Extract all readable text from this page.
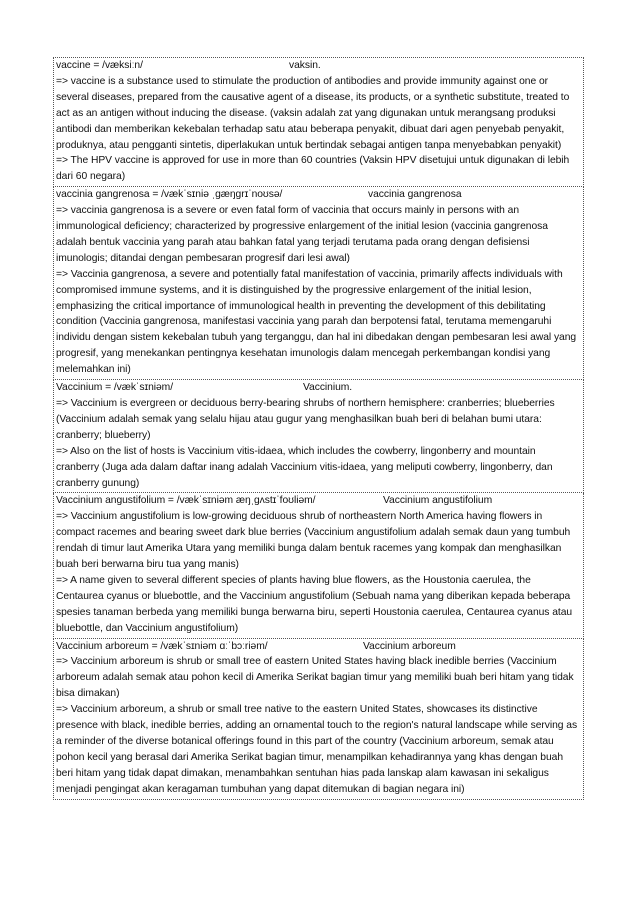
vaccine = /væksiːn/	vaksin.
=> vaccine is a substance used to stimulate the production of antibodies and provide immunity against one or several diseases, prepared from the causative agent of a disease, its products, or a synthetic substitute, treated to act as an antigen without inducing the disease. (vaksin adalah zat yang digunakan untuk merangsang produksi antibodi dan memberikan kekebalan terhadap satu atau beberapa penyakit, dibuat dari agen penyebab penyakit, produknya, atau pengganti sintetis, diperlakukan untuk bertindak sebagai antigen tanpa menyebabkan penyakit)
=> The HPV vaccine is approved for use in more than 60 countries (Vaksin HPV disetujui untuk digunakan di lebih dari 60 negara)
vaccinia gangrenosa = /vækˈsɪniə ˌgæŋgrɪˈnoʊsə/	vaccinia gangrenosa
=> vaccinia gangrenosa is a severe or even fatal form of vaccinia that occurs mainly in persons with an immunological deficiency; characterized by progressive enlargement of the initial lesion (vaccinia gangrenosa adalah bentuk vaccinia yang parah atau bahkan fatal yang terjadi terutama pada orang dengan defisiensi imunologis; ditandai dengan pembesaran progresif dari lesi awal)
=> Vaccinia gangrenosa, a severe and potentially fatal manifestation of vaccinia, primarily affects individuals with compromised immune systems, and it is distinguished by the progressive enlargement of the initial lesion, emphasizing the critical importance of immunological health in preventing the development of this debilitating condition (Vaccinia gangrenosa, manifestasi vaccinia yang parah dan berpotensi fatal, terutama memengaruhi individu dengan sistem kekebalan tubuh yang terganggu, dan hal ini dibedakan dengan pembesaran lesi awal yang progresif, yang menekankan pentingnya kesehatan imunologis dalam mencegah perkembangan kondisi yang melemahkan ini)
Vaccinium = /vækˈsɪniəm/	Vaccinium.
=> Vaccinium is evergreen or deciduous berry-bearing shrubs of northern hemisphere: cranberries; blueberries (Vaccinium adalah semak yang selalu hijau atau gugur yang menghasilkan buah beri di belahan bumi utara: cranberry; blueberry)
=> Also on the list of hosts is Vaccinium vitis-idaea, which includes the cowberry, lingonberry and mountain cranberry (Juga ada dalam daftar inang adalah Vaccinium vitis-idaea, yang meliputi cowberry, lingonberry, dan cranberry gunung)
Vaccinium angustifolium = /vækˈsɪniəm æŋˌgʌstɪˈfoʊliəm/	Vaccinium angustifolium
=> Vaccinium angustifolium is low-growing deciduous shrub of northeastern North America having flowers in compact racemes and bearing sweet dark blue berries (Vaccinium angustifolium adalah semak daun yang tumbuh rendah di timur laut Amerika Utara yang memiliki bunga dalam bentuk racemes yang kompak dan menghasilkan buah beri berwarna biru tua yang manis)
=> A name given to several different species of plants having blue flowers, as the Houstonia caerulea, the Centaurea cyanus or bluebottle, and the Vaccinium angustifolium (Sebuah nama yang diberikan kepada beberapa spesies tanaman berbeda yang memiliki bunga berwarna biru, seperti Houstonia caerulea, Centaurea cyanus atau bluebottle, dan Vaccinium angustifolium)
Vaccinium arboreum = /vækˈsɪniəm ɑːˈbɔːriəm/	Vaccinium arboreum
=> Vaccinium arboreum is shrub or small tree of eastern United States having black inedible berries (Vaccinium arboreum adalah semak atau pohon kecil di Amerika Serikat bagian timur yang memiliki buah beri hitam yang tidak bisa dimakan)
=> Vaccinium arboreum, a shrub or small tree native to the eastern United States, showcases its distinctive presence with black, inedible berries, adding an ornamental touch to the region's natural landscape while serving as a reminder of the diverse botanical offerings found in this part of the country (Vaccinium arboreum, semak atau pohon kecil yang berasal dari Amerika Serikat bagian timur, menampilkan kehadirannya yang khas dengan buah beri hitam yang tidak dapat dimakan, menambahkan sentuhan hias pada lanskap alam kawasan ini sekaligus menjadi pengingat akan keragaman tumbuhan yang dapat ditemukan di bagian negara ini)
